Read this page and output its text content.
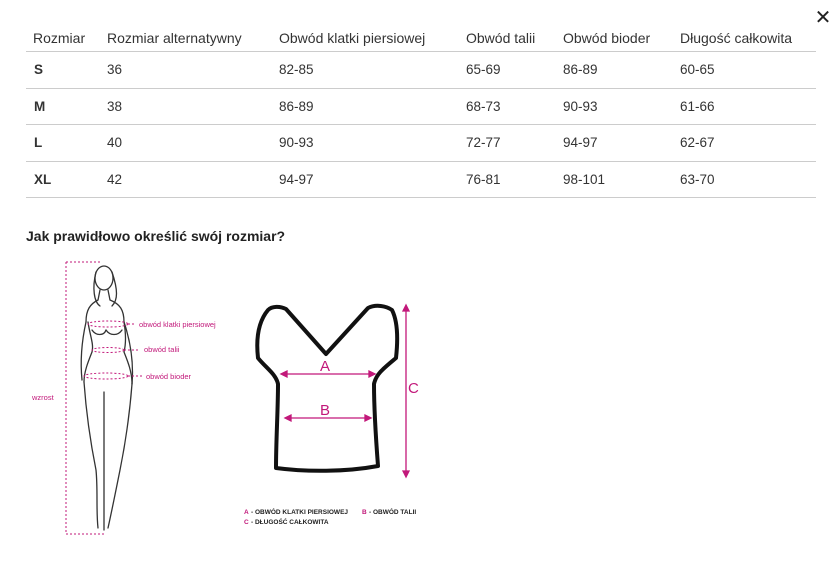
✕
Rozmiar	Rozmiar alternatywny	Obwód klatki piersiowej	Obwód talii	Obwód bioder	Długość całkowita
S	36	82-85	65-69	86-89	60-65
M	38	86-89	68-73	90-93	61-66
L	40	90-93	72-77	94-97	62-67
XL	42	94-97	76-81	98-101	63-70
Jak prawidłowo określić swój rozmiar?
wzrost
obwód klatki piersiowej
obwód talii
obwód bioder
A
B
C
A - OBWÓD KLATKI PIERSIOWEJ B - OBWÓD TALII
C - DŁUGOŚĆ CAŁKOWITA
